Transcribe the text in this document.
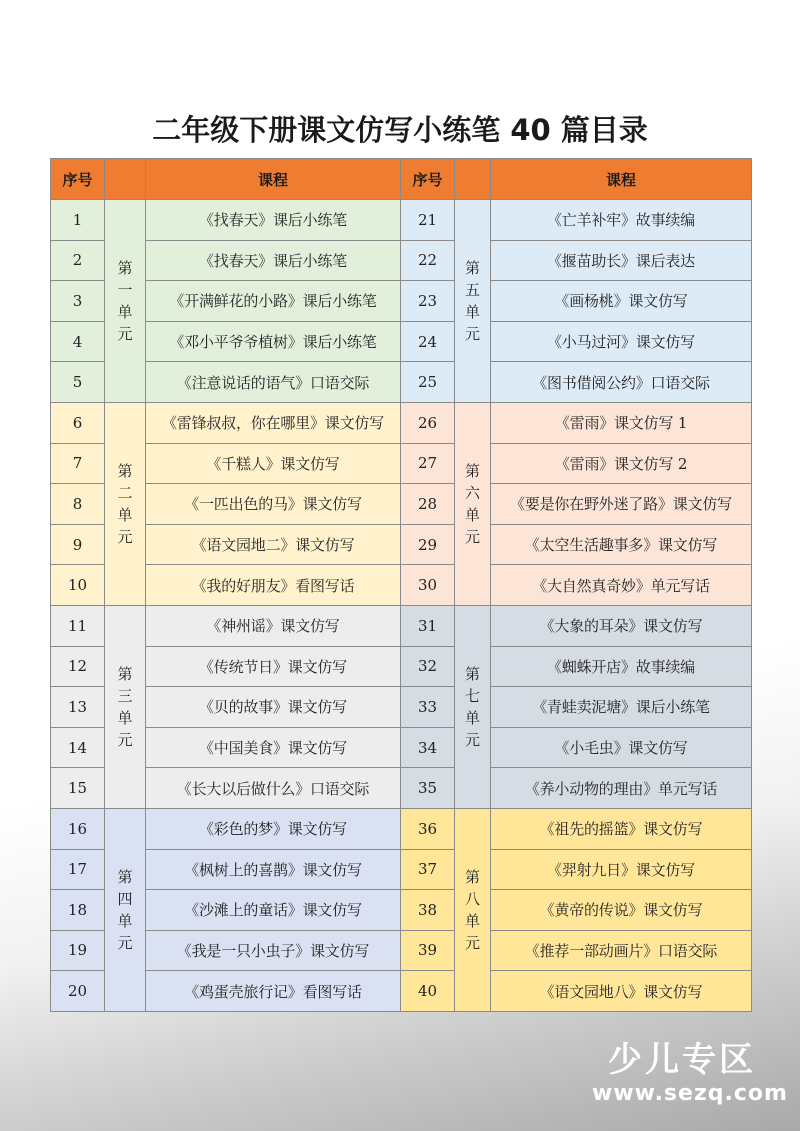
二年级下册课文仿写小练笔 40 篇目录
序号		课程	序号		课程
1	第
一
单
元	《找春天》课后小练笔	21	第
五
单
元	《亡羊补牢》故事续编
2		《找春天》课后小练笔	22		《揠苗助长》课后表达
3		《开满鲜花的小路》课后小练笔	23		《画杨桃》课文仿写
4		《邓小平爷爷植树》课后小练笔	24		《小马过河》课文仿写
5		《注意说话的语气》口语交际	25		《图书借阅公约》口语交际
6	第
二
单
元	《雷锋叔叔，你在哪里》课文仿写	26	第
六
单
元	《雷雨》课文仿写 1
7		《千糕人》课文仿写	27		《雷雨》课文仿写 2
8		《一匹出色的马》课文仿写	28		《要是你在野外迷了路》课文仿写
9		《语文园地二》课文仿写	29		《太空生活趣事多》课文仿写
10		《我的好朋友》看图写话	30		《大自然真奇妙》单元写话
11	第
三
单
元	《神州谣》课文仿写	31	第
七
单
元	《大象的耳朵》课文仿写
12		《传统节日》课文仿写	32		《蜘蛛开店》故事续编
13		《贝的故事》课文仿写	33		《青蛙卖泥塘》课后小练笔
14		《中国美食》课文仿写	34		《小毛虫》课文仿写
15		《长大以后做什么》口语交际	35		《养小动物的理由》单元写话
16	第
四
单
元	《彩色的梦》课文仿写	36	第
八
单
元	《祖先的摇篮》课文仿写
17		《枫树上的喜鹊》课文仿写	37		《羿射九日》课文仿写
18		《沙滩上的童话》课文仿写	38		《黄帝的传说》课文仿写
19		《我是一只小虫子》课文仿写	39		《推荐一部动画片》口语交际
20		《鸡蛋壳旅行记》看图写话	40		《语文园地八》课文仿写
少儿专区
www.sezq.com
